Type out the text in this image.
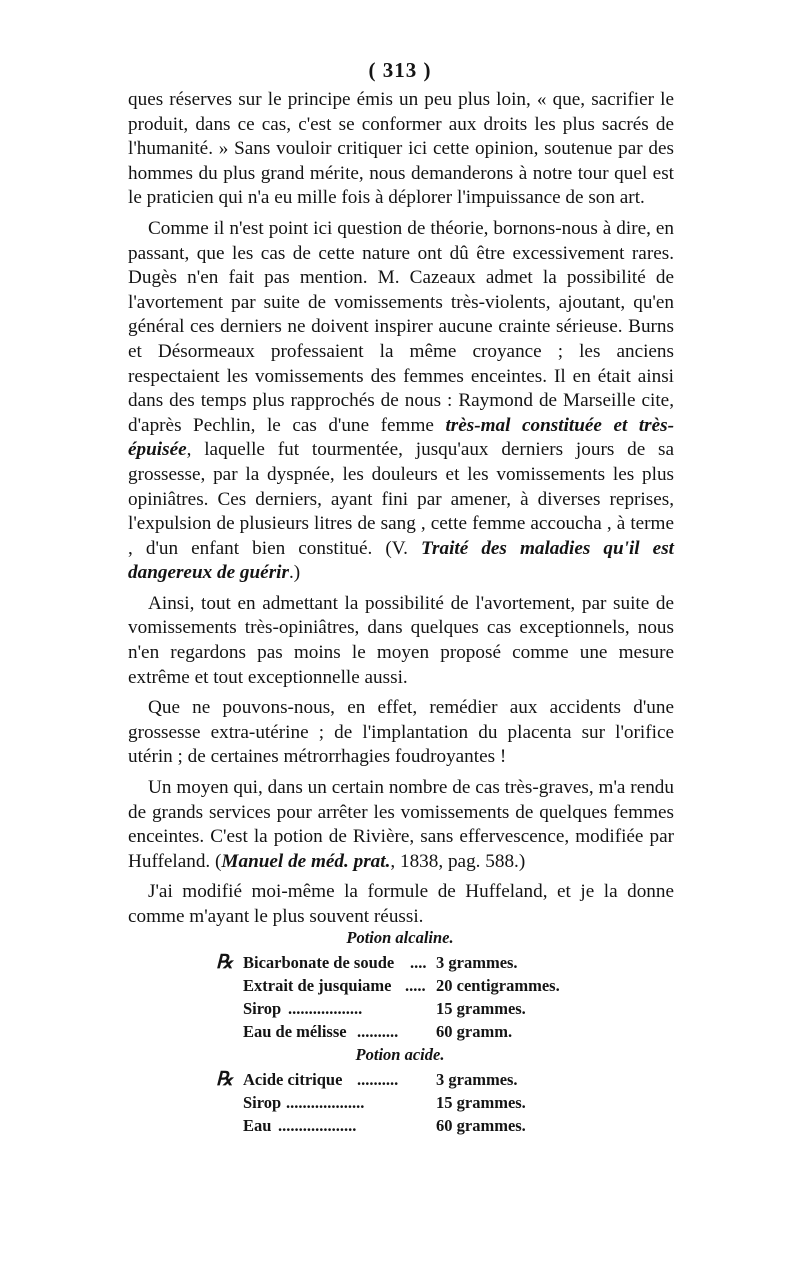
( 313 )

ques réserves sur le principe émis un peu plus loin, « que, sacrifier le produit, dans ce cas, c'est se conformer aux droits les plus sacrés de l'humanité. » Sans vouloir critiquer ici cette opinion, soutenue par des hommes du plus grand mérite, nous demanderons à notre tour quel est le praticien qui n'a eu mille fois à déplorer l'impuissance de son art.

Comme il n'est point ici question de théorie, bornons-nous à dire, en passant, que les cas de cette nature ont dû être excessivement rares. Dugès n'en fait pas mention. M. Cazeaux admet la possibilité de l'avortement par suite de vomissements très-violents, ajoutant, qu'en général ces derniers ne doivent inspirer aucune crainte sérieuse. Burns et Désormeaux professaient la même croyance ; les anciens respectaient les vomissements des femmes enceintes. Il en était ainsi dans des temps plus rapprochés de nous : Raymond de Marseille cite, d'après Pechlin, le cas d'une femme très-mal constituée et très-épuisée, laquelle fut tourmentée, jusqu'aux derniers jours de sa grossesse, par la dyspnée, les douleurs et les vomissements les plus opiniâtres. Ces derniers, ayant fini par amener, à diverses reprises, l'expulsion de plusieurs litres de sang , cette femme accoucha , à terme , d'un enfant bien constitué. (V. Traité des maladies qu'il est dangereux de guérir.)

Ainsi, tout en admettant la possibilité de l'avortement, par suite de vomissements très-opiniâtres, dans quelques cas exceptionnels, nous n'en regardons pas moins le moyen proposé comme une mesure extrême et tout exceptionnelle aussi.

Que ne pouvons-nous, en effet, remédier aux accidents d'une grossesse extra-utérine ; de l'implantation du placenta sur l'orifice utérin ; de certaines métrorrhagies foudroyantes !

Un moyen qui, dans un certain nombre de cas très-graves, m'a rendu de grands services pour arrêter les vomissements de quelques femmes enceintes. C'est la potion de Rivière, sans effervescence, modifiée par Huffeland. (Manuel de méd. prat., 1838, pag. 588.)

J'ai modifié moi-même la formule de Huffeland, et je la donne comme m'ayant le plus souvent réussi.

Potion alcaline.
℞ Bicarbonate de soude .... 3 grammes.
Extrait de jusquiame ..... 20 centigrammes.
Sirop ..................	15 grammes.
Eau de mélisse .......... 60 gramm.
Potion acide.
℞ Acide citrique .......... 3 grammes.
Sirop ...................	15 grammes.
Eau ...................	60 grammes.
